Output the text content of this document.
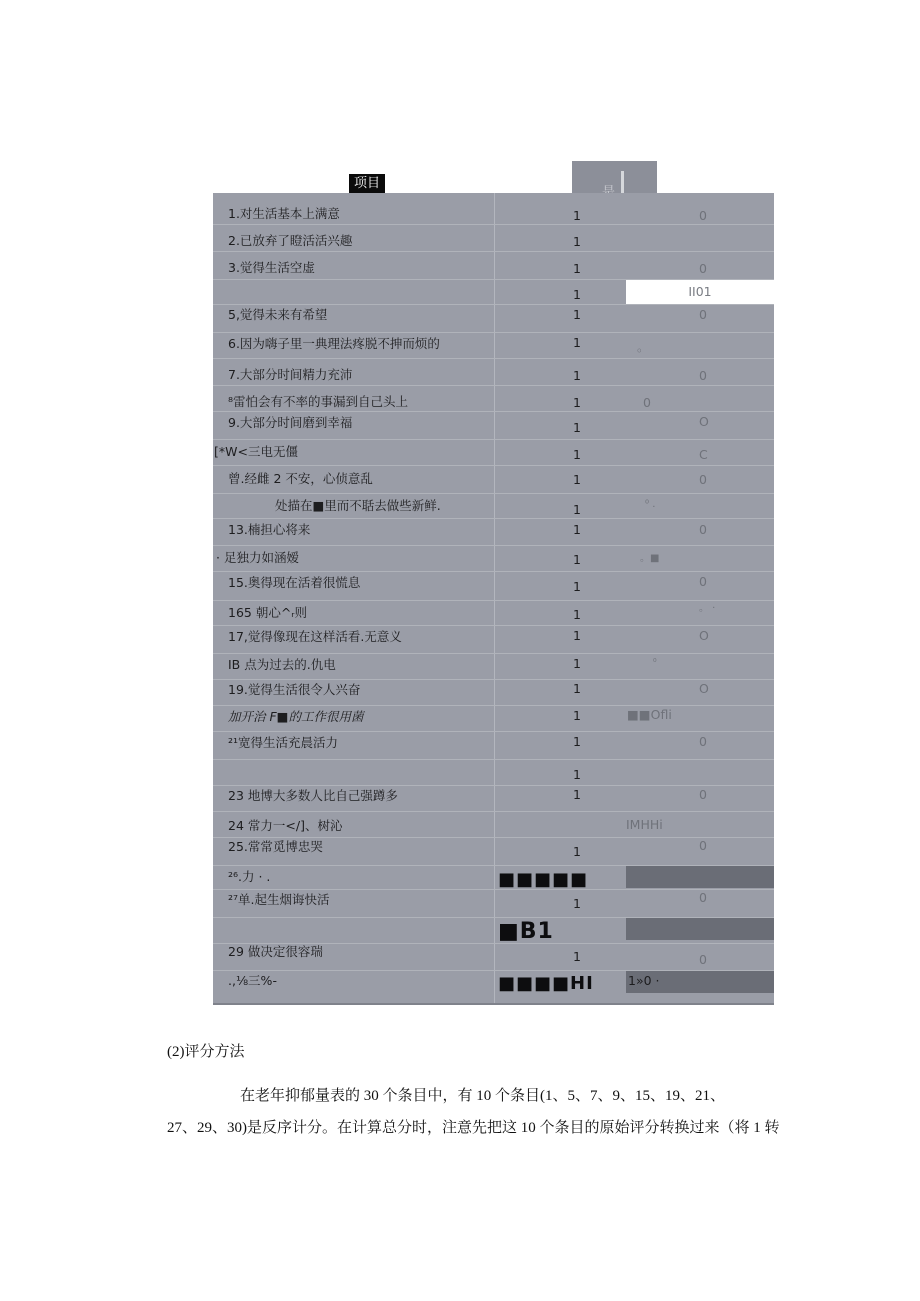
项目
II01
1»0 ·
1.对生活基本上满意
2.已放弃了瞪活活兴趣
3.觉得生活空虚
5,觉得未来有希望
6.因为嗨子里一典理法疼脱不抻而烦的
7.大部分时间精力充沛
⁸雷怕会有不率的事漏到自己头上
9.大部分时间磨到幸福
[*W<三电无僵
曾.经雌 2 不安，心侦意乱
处描在■里而不聒去做些新鲜.
13.楠担心将来
· 足独力如涵嫒
15.奥得现在活着很慌息
165 朝心^ᵣ则
17,觉得像现在这样活看.无意义
IB 点为过去的.仇电
19.觉得生活很令人兴奋
加开治 F■的工作很用菌
²¹宽得生活充晨活力
23 地博大多数人比自己强蹲多
24 常力一</]、树沁
25.常常觅博忠哭
²⁶.力 · .
²⁷单.起生烟诲快活
29 做决定很容瑞
.,⅛三%-
1
1
1
1
1
1
1
1
1
1
1
1
1
1
1
1
1
1
1
1
1
1
1
1
1
1
■■■■■
■B1
■■■■HI
0
0
0
。
0
0
O
C
0
⁰ .
0
。■
0
。 ·
O
⁰
O
■■Ofli
0
0
IMHHi
0
0
0
(2)评分方法
在老年抑郁量表的 30 个条目中，有 10 个条目(1、5、7、9、15、19、21、
27、29、30)是反序计分。在计算总分时，注意先把这 10 个条目的原始评分转换过来（将 1 转
